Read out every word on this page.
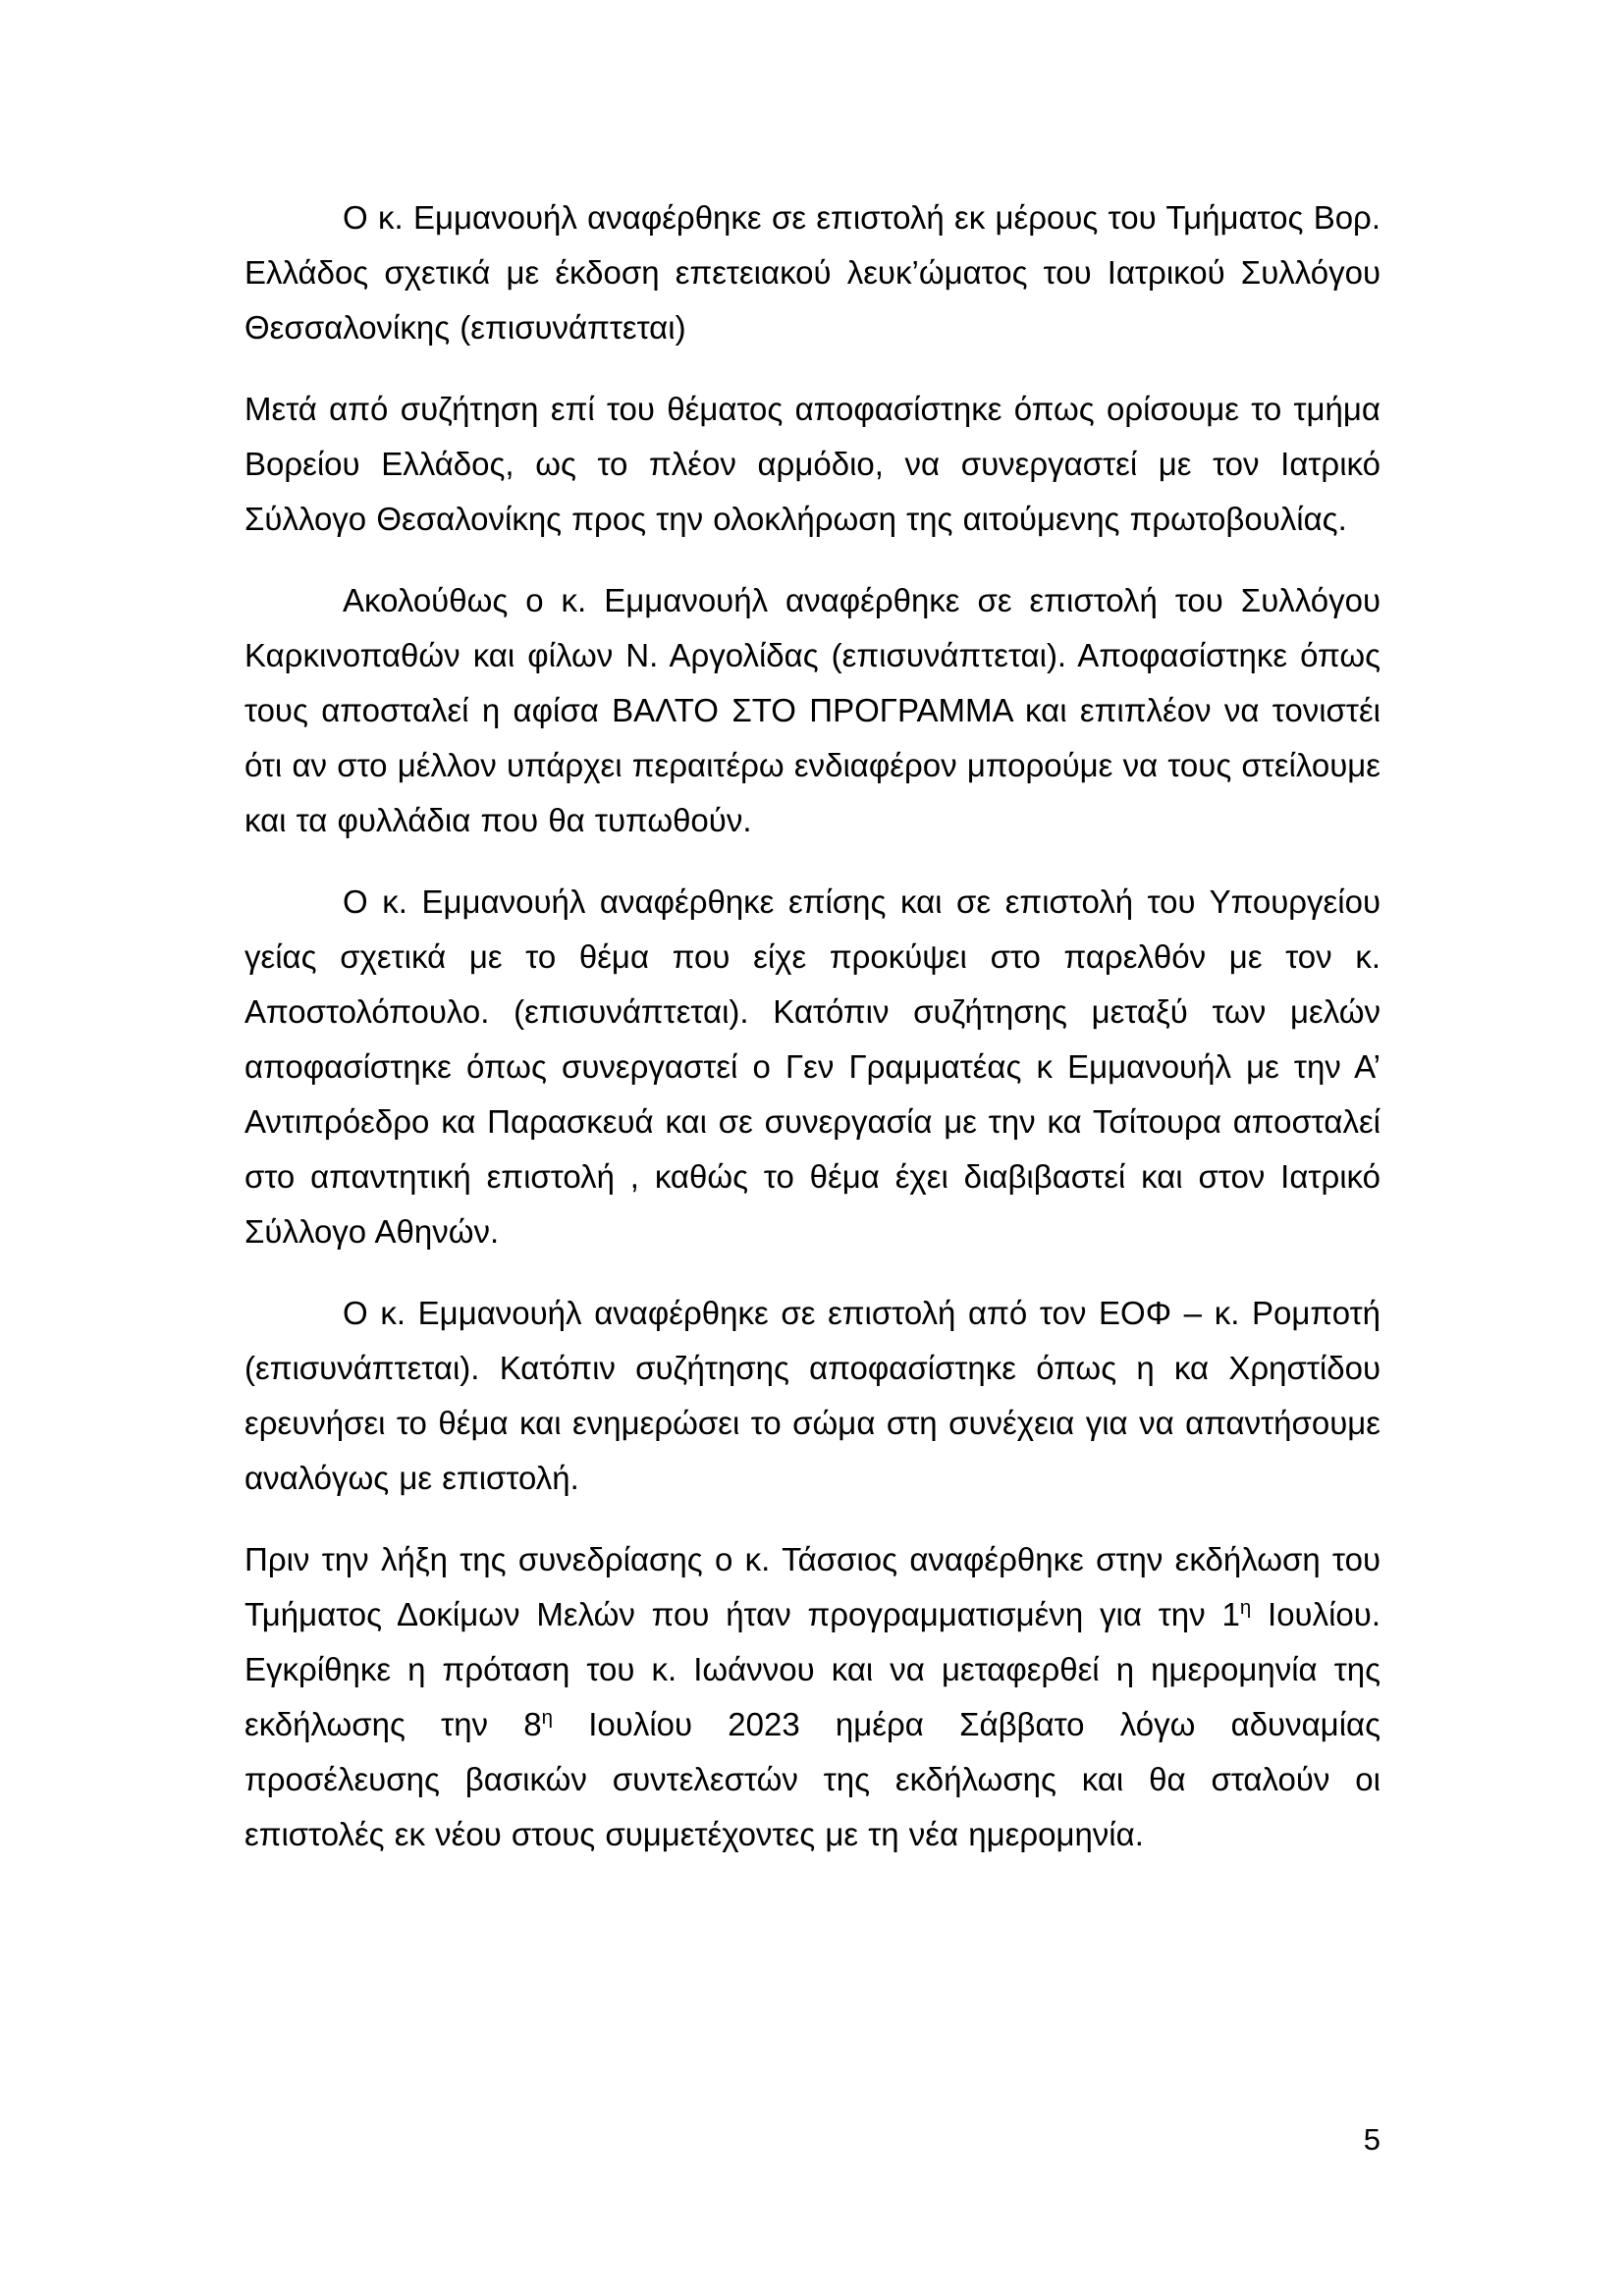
Ο κ. Εμμανουήλ αναφέρθηκε σε επιστολή εκ μέρους του Τμήματος Βορ. Ελλάδος σχετικά με έκδοση επετειακού λευκ’ώματος του Ιατρικού Συλλόγου Θεσσαλονίκης (επισυνάπτεται)

Μετά από συζήτηση επί του θέματος αποφασίστηκε όπως ορίσουμε το τμήμα Βορείου Ελλάδος, ως το πλέον αρμόδιο, να συνεργαστεί με τον Ιατρικό Σύλλογο Θεσαλονίκης προς την ολοκλήρωση της αιτούμενης πρωτοβουλίας.

Ακολούθως ο κ. Εμμανουήλ αναφέρθηκε σε επιστολή του Συλλόγου Καρκινοπαθών και φίλων Ν. Αργολίδας (επισυνάπτεται). Αποφασίστηκε όπως τους αποσταλεί η αφίσα ΒΑΛΤΟ ΣΤΟ ΠΡΟΓΡΑΜΜΑ και επιπλέον να τονιστέι ότι αν στο μέλλον υπάρχει περαιτέρω ενδιαφέρον μπορούμε να τους στείλουμε και τα φυλλάδια που θα τυπωθούν.

Ο κ. Εμμανουήλ αναφέρθηκε επίσης και σε επιστολή του Υπουργείου γείας σχετικά με το θέμα που είχε προκύψει στο παρελθόν με τον κ. Αποστολόπουλο. (επισυνάπτεται). Κατόπιν συζήτησης μεταξύ των μελών αποφασίστηκε όπως συνεργαστεί ο Γεν Γραμματέας κ Εμμανουήλ με την Α’ Αντιπρόεδρο κα Παρασκευά και σε συνεργασία με την κα Τσίτουρα αποσταλεί στο απαντητική επιστολή , καθώς το θέμα έχει διαβιβαστεί και στον Ιατρικό Σύλλογο Αθηνών.

Ο κ. Εμμανουήλ αναφέρθηκε σε επιστολή από τον ΕΟΦ – κ. Ρομποτή (επισυνάπτεται). Κατόπιν συζήτησης αποφασίστηκε όπως η κα Χρηστίδου ερευνήσει το θέμα και ενημερώσει το σώμα στη συνέχεια για να απαντήσουμε αναλόγως με επιστολή.

Πριν την λήξη της συνεδρίασης ο κ. Τάσσιος αναφέρθηκε στην εκδήλωση του Τμήματος Δοκίμων Μελών που ήταν προγραμματισμένη για την $1^\eta$ Ιουλίου. Εγκρίθηκε η πρόταση του κ. Ιωάννου και να μεταφερθεί η ημερομηνία της εκδήλωσης την $8^\eta$ Ιουλίου 2023 ημέρα Σάββατο λόγω αδυναμίας προσέλευσης βασικών συντελεστών της εκδήλωσης και θα σταλούν οι επιστολές εκ νέου στους συμμετέχοντες με τη νέα ημερομηνία.

5
